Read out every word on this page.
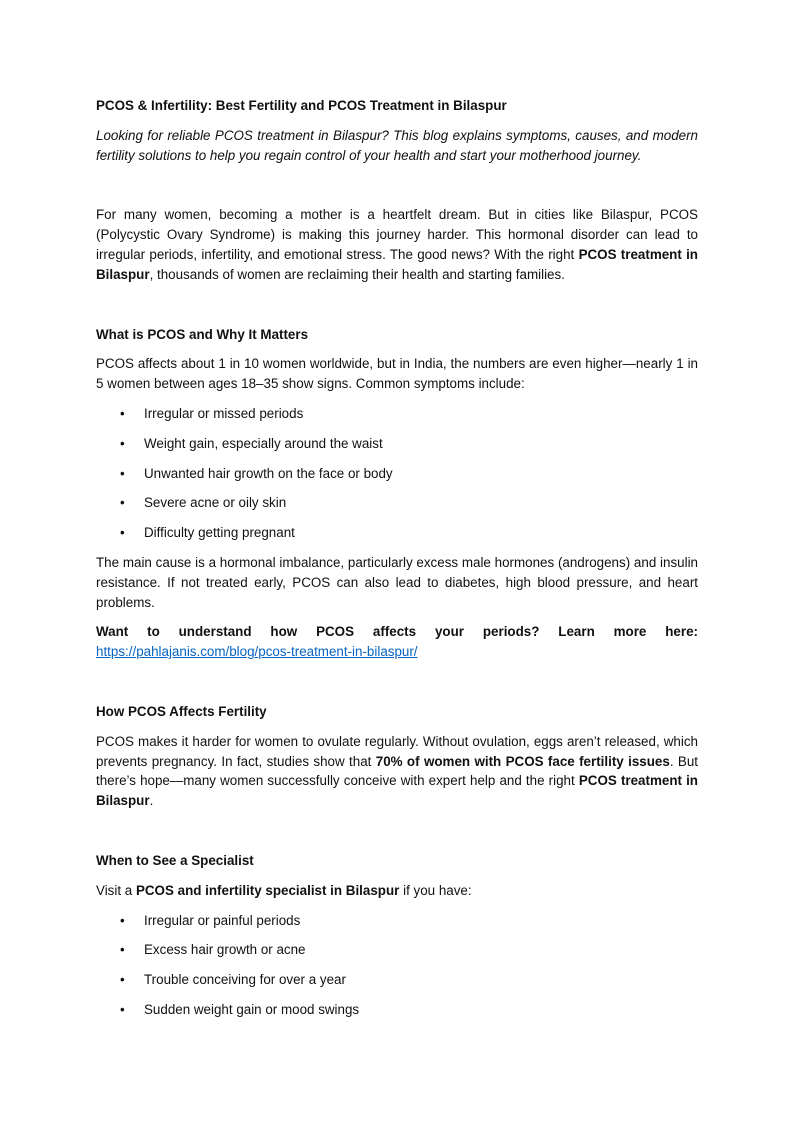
PCOS & Infertility: Best Fertility and PCOS Treatment in Bilaspur

Looking for reliable PCOS treatment in Bilaspur? This blog explains symptoms, causes, and modern fertility solutions to help you regain control of your health and start your motherhood journey.

For many women, becoming a mother is a heartfelt dream. But in cities like Bilaspur, PCOS (Polycystic Ovary Syndrome) is making this journey harder. This hormonal disorder can lead to irregular periods, infertility, and emotional stress. The good news? With the right PCOS treatment in Bilaspur, thousands of women are reclaiming their health and starting families.

What is PCOS and Why It Matters

PCOS affects about 1 in 10 women worldwide, but in India, the numbers are even higher—nearly 1 in 5 women between ages 18–35 show signs. Common symptoms include:

• Irregular or missed periods
• Weight gain, especially around the waist
• Unwanted hair growth on the face or body
• Severe acne or oily skin
• Difficulty getting pregnant

The main cause is a hormonal imbalance, particularly excess male hormones (androgens) and insulin resistance. If not treated early, PCOS can also lead to diabetes, high blood pressure, and heart problems.

Want to understand how PCOS affects your periods? Learn more here:

https://pahlajanis.com/blog/pcos-treatment-in-bilaspur/

How PCOS Affects Fertility

PCOS makes it harder for women to ovulate regularly. Without ovulation, eggs aren’t released, which prevents pregnancy. In fact, studies show that 70% of women with PCOS face fertility issues. But there’s hope—many women successfully conceive with expert help and the right PCOS treatment in Bilaspur.

When to See a Specialist

Visit a PCOS and infertility specialist in Bilaspur if you have:

• Irregular or painful periods
• Excess hair growth or acne
• Trouble conceiving for over a year
• Sudden weight gain or mood swings
